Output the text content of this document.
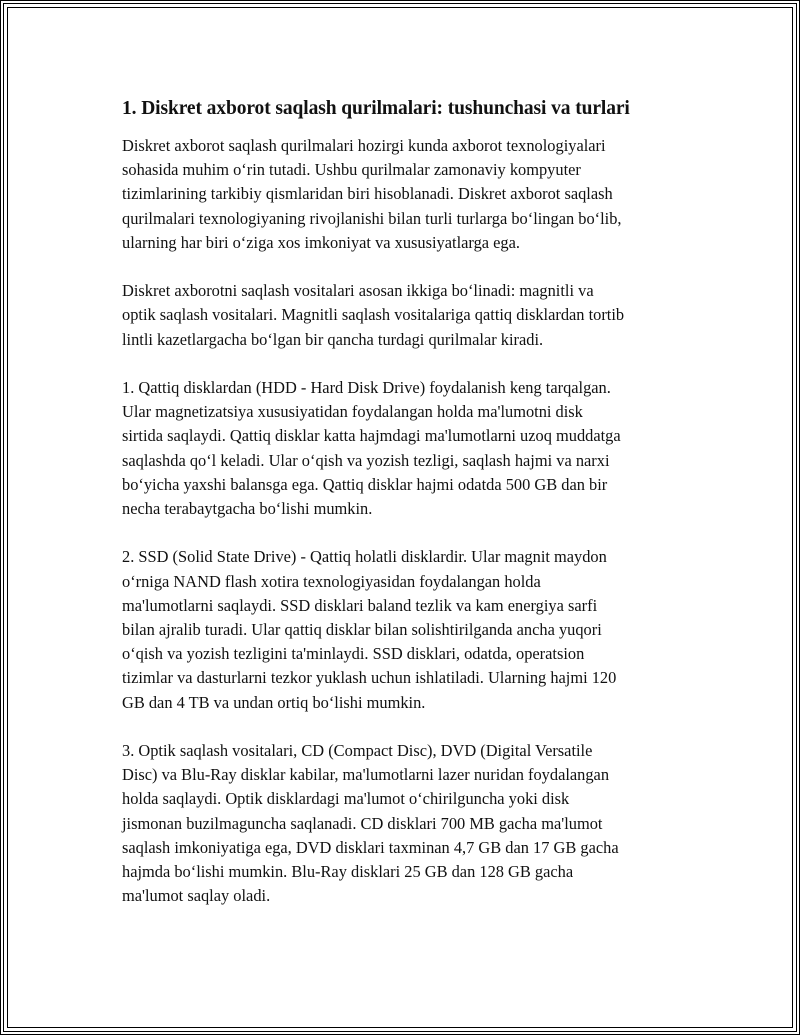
1. Diskret axborot saqlash qurilmalari: tushunchasi va turlari

Diskret axborot saqlash qurilmalari hozirgi kunda axborot texnologiyalari
sohasida muhim o‘rin tutadi. Ushbu qurilmalar zamonaviy kompyuter
tizimlarining tarkibiy qismlaridan biri hisoblanadi. Diskret axborot saqlash
qurilmalari texnologiyaning rivojlanishi bilan turli turlarga bo‘lingan bo‘lib,
ularning har biri o‘ziga xos imkoniyat va xususiyatlarga ega.

Diskret axborotni saqlash vositalari asosan ikkiga bo‘linadi: magnitli va
optik saqlash vositalari. Magnitli saqlash vositalariga qattiq disklardan tortib
lintli kazetlargacha bo‘lgan bir qancha turdagi qurilmalar kiradi.

1. Qattiq disklardan (HDD - Hard Disk Drive) foydalanish keng tarqalgan.
Ular magnetizatsiya xususiyatidan foydalangan holda ma'lumotni disk
sirtida saqlaydi. Qattiq disklar katta hajmdagi ma'lumotlarni uzoq muddatga
saqlashda qo‘l keladi. Ular o‘qish va yozish tezligi, saqlash hajmi va narxi
bo‘yicha yaxshi balansga ega. Qattiq disklar hajmi odatda 500 GB dan bir
necha terabaytgacha bo‘lishi mumkin.

2. SSD (Solid State Drive) - Qattiq holatli disklardir. Ular magnit maydon
o‘rniga NAND flash xotira texnologiyasidan foydalangan holda
ma'lumotlarni saqlaydi. SSD disklari baland tezlik va kam energiya sarfi
bilan ajralib turadi. Ular qattiq disklar bilan solishtirilganda ancha yuqori
o‘qish va yozish tezligini ta'minlaydi. SSD disklari, odatda, operatsion
tizimlar va dasturlarni tezkor yuklash uchun ishlatiladi. Ularning hajmi 120
GB dan 4 TB va undan ortiq bo‘lishi mumkin.

3. Optik saqlash vositalari, CD (Compact Disc), DVD (Digital Versatile
Disc) va Blu-Ray disklar kabilar, ma'lumotlarni lazer nuridan foydalangan
holda saqlaydi. Optik disklardagi ma'lumot o‘chirilguncha yoki disk
jismonan buzilmaguncha saqlanadi. CD disklari 700 MB gacha ma'lumot
saqlash imkoniyatiga ega, DVD disklari taxminan 4,7 GB dan 17 GB gacha
hajmda bo‘lishi mumkin. Blu-Ray disklari 25 GB dan 128 GB gacha
ma'lumot saqlay oladi.
